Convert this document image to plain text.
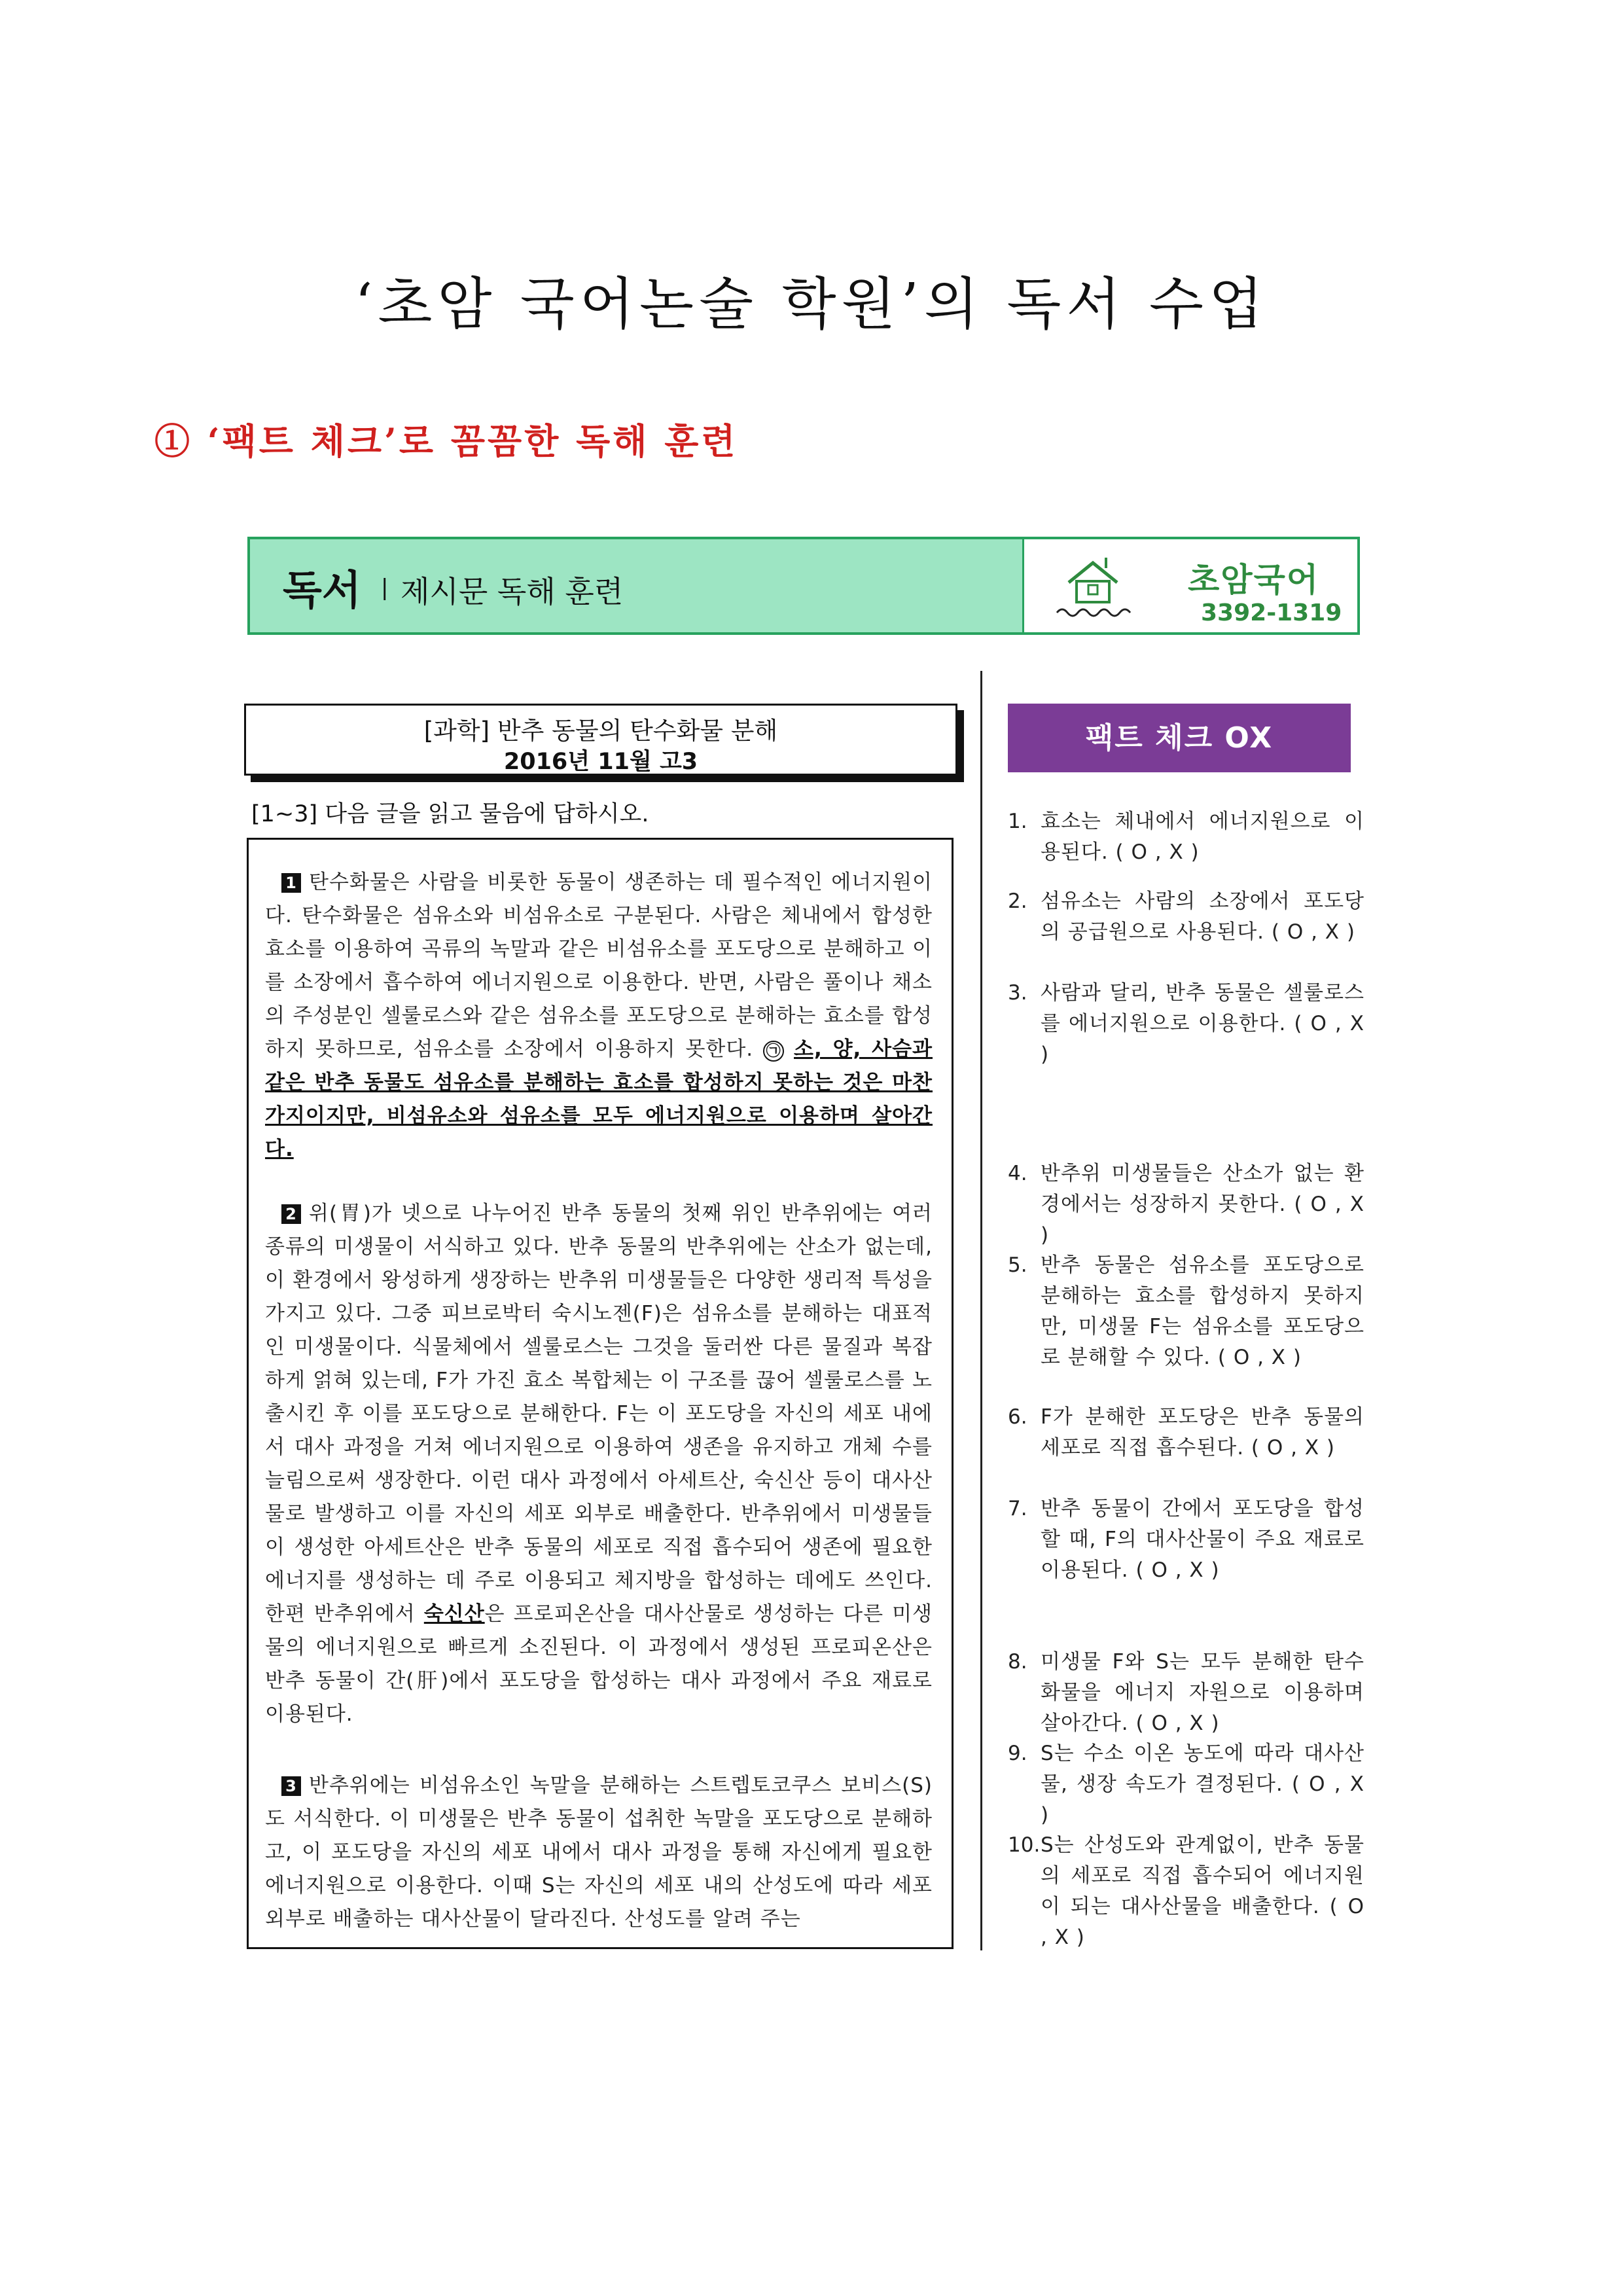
‘초암 국어논술 학원’의 독서 수업
① ‘팩트 체크’로 꼼꼼한 독해 훈련
독서 | 제시문 독해 훈련	초암국어
3392-1319
[과학] 반추 동물의 탄수화물 분해
2016년 11월 고3
[1~3] 다음 글을 읽고 물음에 답하시오.
1 탄수화물은 사람을 비롯한 동물이 생존하는 데 필수적인 에너지원이다. 탄수화물은 섬유소와 비섬유소로 구분된다. 사람은 체내에서 합성한 효소를 이용하여 곡류의 녹말과 같은 비섬유소를 포도당으로 분해하고 이를 소장에서 흡수하여 에너지원으로 이용한다. 반면, 사람은 풀이나 채소의 주성분인 셀룰로스와 같은 섬유소를 포도당으로 분해하는 효소를 합성하지 못하므로, 섬유소를 소장에서 이용하지 못한다. ㉠ 소, 양, 사슴과 같은 반추 동물도 섬유소를 분해하는 효소를 합성하지 못하는 것은 마찬가지이지만, 비섬유소와 섬유소를 모두 에너지원으로 이용하며 살아간다.
2 위(胃)가 넷으로 나누어진 반추 동물의 첫째 위인 반추위에는 여러 종류의 미생물이 서식하고 있다. 반추 동물의 반추위에는 산소가 없는데, 이 환경에서 왕성하게 생장하는 반추위 미생물들은 다양한 생리적 특성을 가지고 있다. 그중 피브로박터 숙시노젠(F)은 섬유소를 분해하는 대표적인 미생물이다. 식물체에서 셀룰로스는 그것을 둘러싼 다른 물질과 복잡하게 얽혀 있는데, F가 가진 효소 복합체는 이 구조를 끊어 셀룰로스를 노출시킨 후 이를 포도당으로 분해한다. F는 이 포도당을 자신의 세포 내에서 대사 과정을 거쳐 에너지원으로 이용하여 생존을 유지하고 개체 수를 늘림으로써 생장한다. 이런 대사 과정에서 아세트산, 숙신산 등이 대사산물로 발생하고 이를 자신의 세포 외부로 배출한다. 반추위에서 미생물들이 생성한 아세트산은 반추 동물의 세포로 직접 흡수되어 생존에 필요한 에너지를 생성하는 데 주로 이용되고 체지방을 합성하는 데에도 쓰인다. 한편 반추위에서 숙신산은 프로피온산을 대사산물로 생성하는 다른 미생물의 에너지원으로 빠르게 소진된다. 이 과정에서 생성된 프로피온산은 반추 동물이 간(肝)에서 포도당을 합성하는 대사 과정에서 주요 재료로 이용된다.
3 반추위에는 비섬유소인 녹말을 분해하는 스트렙토코쿠스 보비스(S)도 서식한다. 이 미생물은 반추 동물이 섭취한 녹말을 포도당으로 분해하고, 이 포도당을 자신의 세포 내에서 대사 과정을 통해 자신에게 필요한 에너지원으로 이용한다. 이때 S는 자신의 세포 내의 산성도에 따라 세포 외부로 배출하는 대사산물이 달라진다. 산성도를 알려 주는
팩트 체크 OX
1. 효소는 체내에서 에너지원으로 이용된다. ( O , X )
2. 섬유소는 사람의 소장에서 포도당의 공급원으로 사용된다. ( O , X )
3. 사람과 달리, 반추 동물은 셀룰로스를 에너지원으로 이용한다. ( O , X )
4. 반추위 미생물들은 산소가 없는 환경에서는 성장하지 못한다. ( O , X )
5. 반추 동물은 섬유소를 포도당으로 분해하는 효소를 합성하지 못하지만, 미생물 F는 섬유소를 포도당으로 분해할 수 있다. ( O , X )
6. F가 분해한 포도당은 반추 동물의 세포로 직접 흡수된다. ( O , X )
7. 반추 동물이 간에서 포도당을 합성할 때, F의 대사산물이 주요 재료로 이용된다. ( O , X )
8. 미생물 F와 S는 모두 분해한 탄수화물을 에너지 자원으로 이용하며 살아간다. ( O , X )
9. S는 수소 이온 농도에 따라 대사산물, 생장 속도가 결정된다. ( O , X )
10. S는 산성도와 관계없이, 반추 동물의 세포로 직접 흡수되어 에너지원이 되는 대사산물을 배출한다. ( O , X )
